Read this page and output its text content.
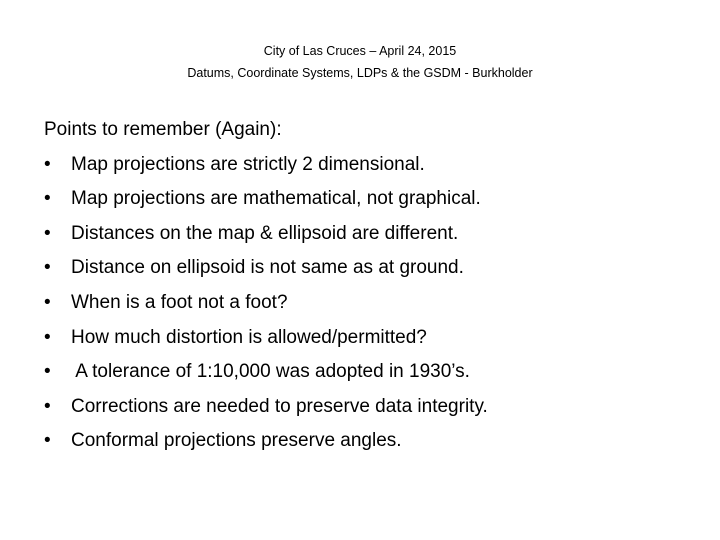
City of Las Cruces – April 24, 2015
Datums, Coordinate Systems, LDPs & the GSDM - Burkholder
Points to remember (Again):
• Map projections are strictly 2 dimensional.
• Map projections are mathematical, not graphical.
• Distances on the map & ellipsoid are different.
• Distance on ellipsoid is not same as at ground.
• When is a foot not a foot?
• How much distortion is allowed/permitted?
• A tolerance of 1:10,000 was adopted in 1930’s.
• Corrections are needed to preserve data integrity.
• Conformal projections preserve angles.
